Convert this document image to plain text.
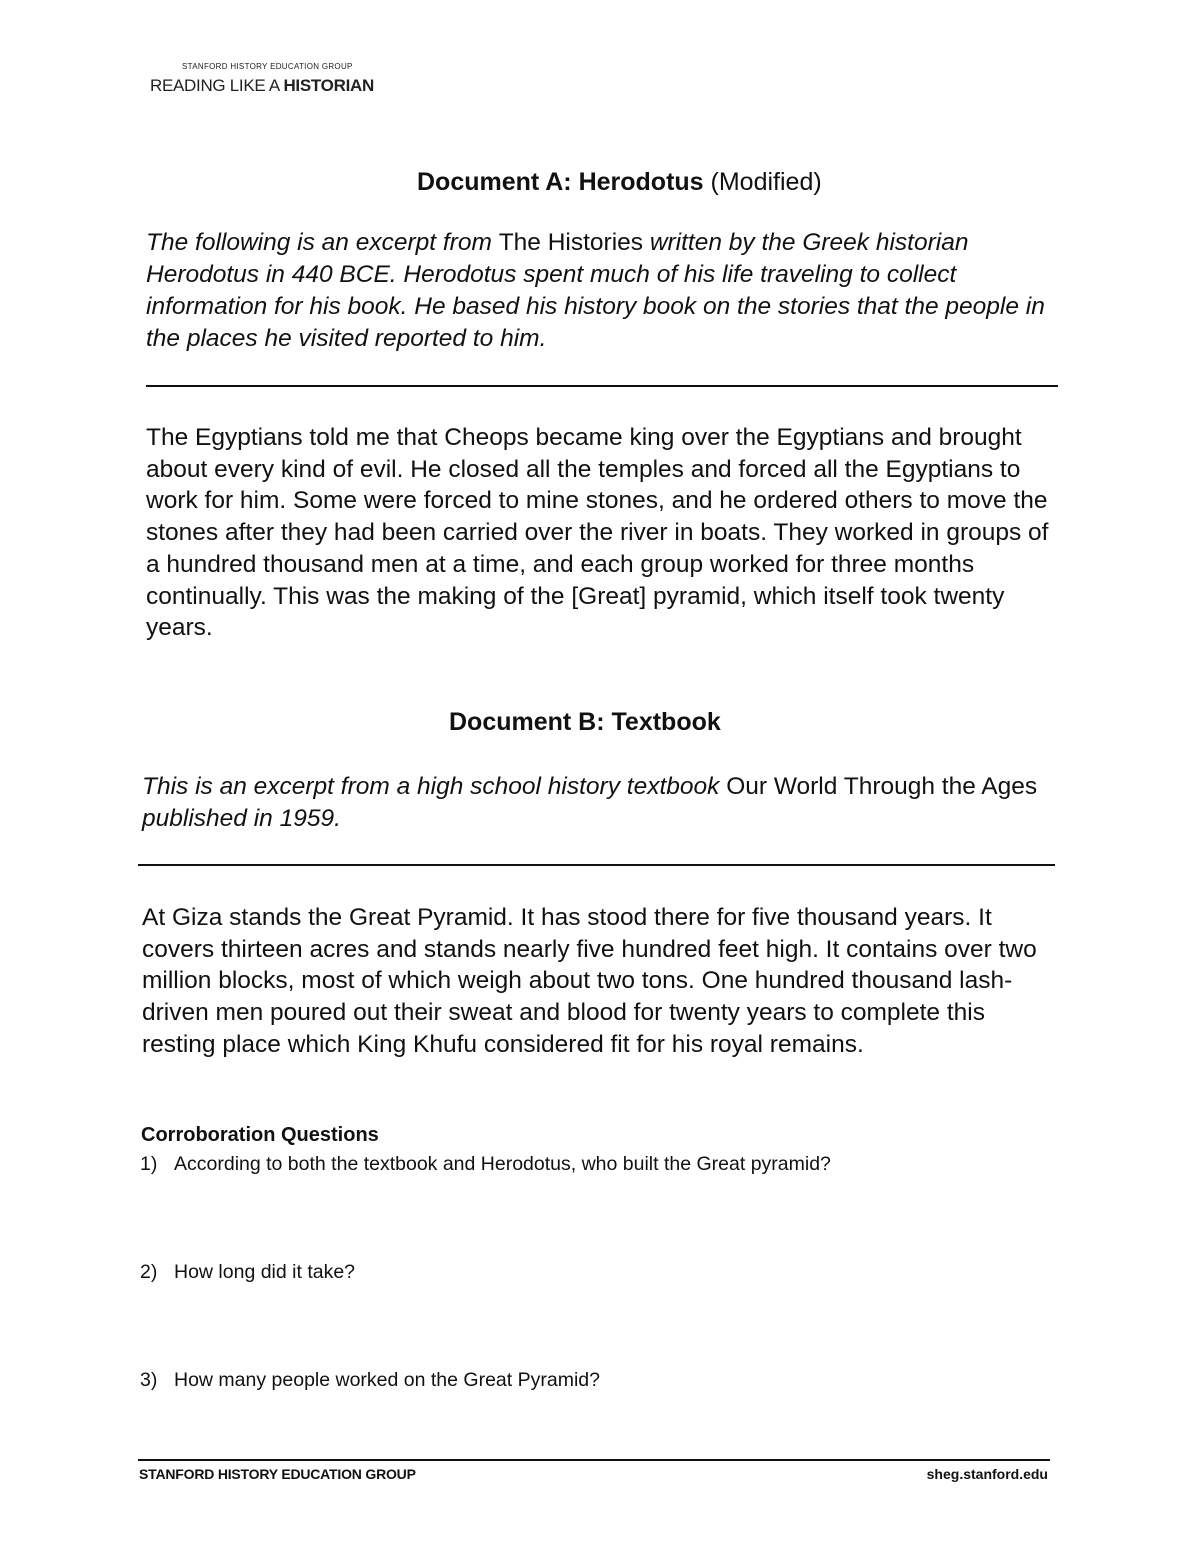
STANFORD HISTORY EDUCATION GROUP
READING LIKE A HISTORIAN
Document A: Herodotus (Modified)
The following is an excerpt from The Histories written by the Greek historian Herodotus in 440 BCE. Herodotus spent much of his life traveling to collect information for his book. He based his history book on the stories that the people in the places he visited reported to him.
The Egyptians told me that Cheops became king over the Egyptians and brought about every kind of evil. He closed all the temples and forced all the Egyptians to work for him. Some were forced to mine stones, and he ordered others to move the stones after they had been carried over the river in boats. They worked in groups of a hundred thousand men at a time, and each group worked for three months continually. This was the making of the [Great] pyramid, which itself took twenty years.
Document B: Textbook
This is an excerpt from a high school history textbook Our World Through the Ages published in 1959.
At Giza stands the Great Pyramid. It has stood there for five thousand years. It covers thirteen acres and stands nearly five hundred feet high. It contains over two million blocks, most of which weigh about two tons. One hundred thousand lash-driven men poured out their sweat and blood for twenty years to complete this resting place which King Khufu considered fit for his royal remains.
Corroboration Questions
1) According to both the textbook and Herodotus, who built the Great pyramid?
2) How long did it take?
3) How many people worked on the Great Pyramid?
STANFORD HISTORY EDUCATION GROUP	sheg.stanford.edu
